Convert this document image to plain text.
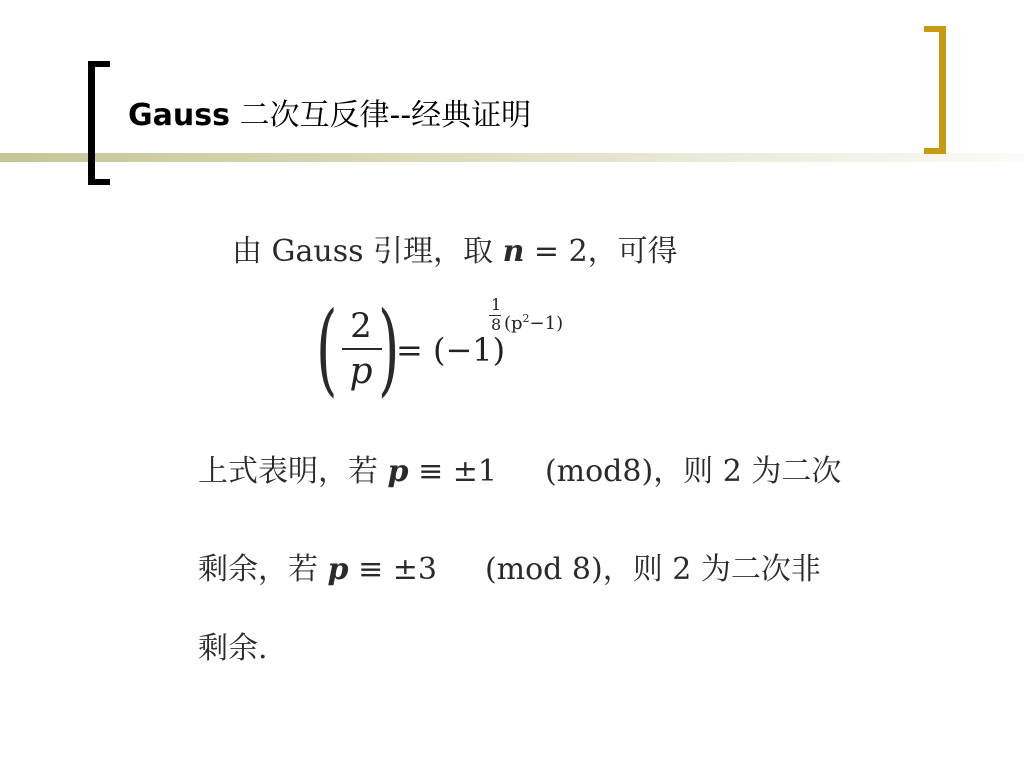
Gauss 二次互反律--经典证明
由 Gauss 引理，取 n = 2，可得
( 2
p )
= (−1)
1
8 $(p^2-1)$
上式表明，若 p ≡ ±1 (mod8)，则 2 为二次
剩余，若 p ≡ ±3 (mod 8)，则 2 为二次非
剩余.
